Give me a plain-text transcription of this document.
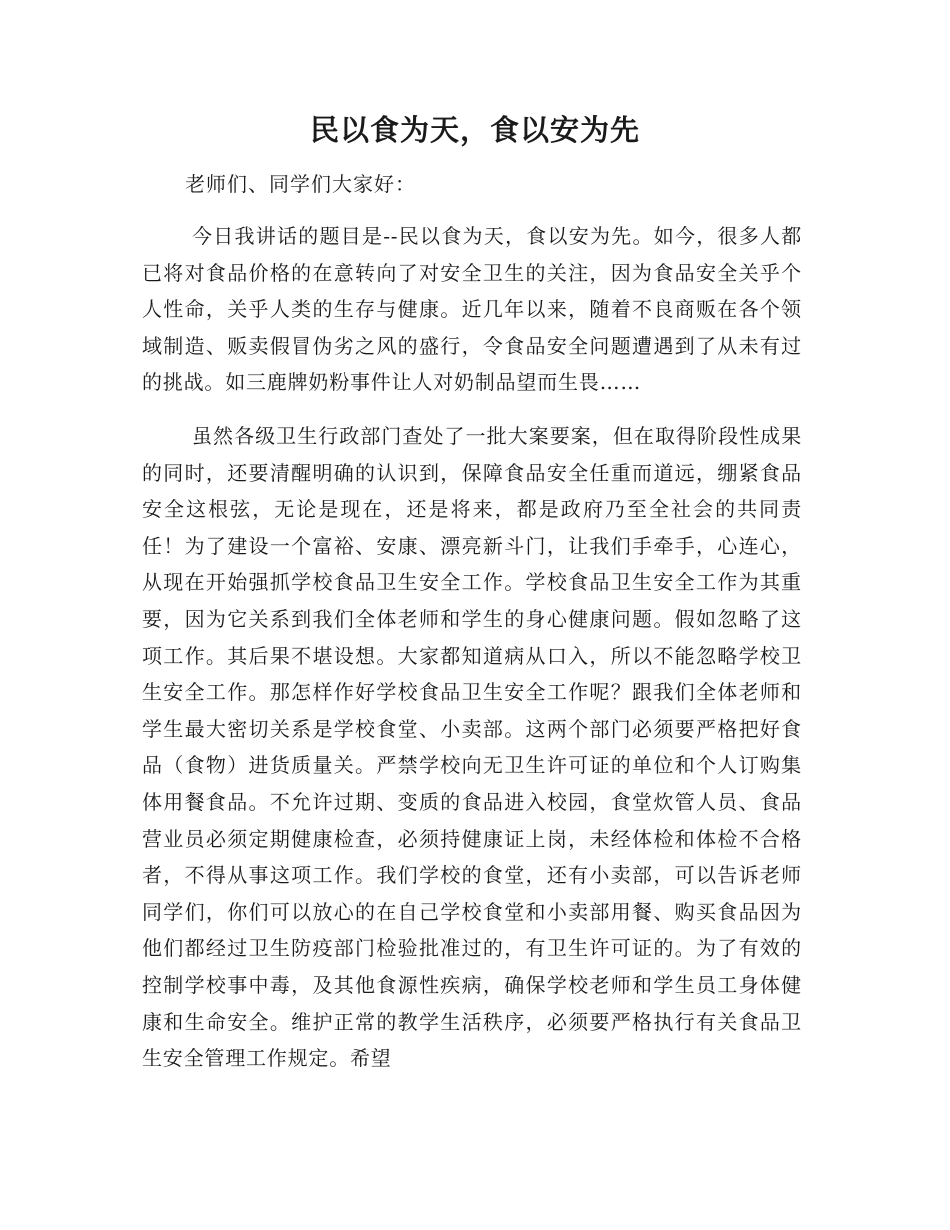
民以食为天，食以安为先

老师们、同学们大家好：

今日我讲话的题目是--民以食为天，食以安为先。如今，很多人都已将对食品价格的在意转向了对安全卫生的关注，因为食品安全关乎个人性命，关乎人类的生存与健康。近几年以来，随着不良商贩在各个领域制造、贩卖假冒伪劣之风的盛行，令食品安全问题遭遇到了从未有过的挑战。如三鹿牌奶粉事件让人对奶制品望而生畏……

虽然各级卫生行政部门查处了一批大案要案，但在取得阶段性成果的同时，还要清醒明确的认识到，保障食品安全任重而道远，绷紧食品安全这根弦，无论是现在，还是将来，都是政府乃至全社会的共同责任！为了建设一个富裕、安康、漂亮新斗门，让我们手牵手，心连心，从现在开始强抓学校食品卫生安全工作。学校食品卫生安全工作为其重要，因为它关系到我们全体老师和学生的身心健康问题。假如忽略了这项工作。其后果不堪设想。大家都知道病从口入，所以不能忽略学校卫生安全工作。那怎样作好学校食品卫生安全工作呢？跟我们全体老师和学生最大密切关系是学校食堂、小卖部。这两个部门必须要严格把好食品（食物）进货质量关。严禁学校向无卫生许可证的单位和个人订购集体用餐食品。不允许过期、变质的食品进入校园，食堂炊管人员、食品营业员必须定期健康检查，必须持健康证上岗，未经体检和体检不合格者，不得从事这项工作。我们学校的食堂，还有小卖部，可以告诉老师同学们，你们可以放心的在自己学校食堂和小卖部用餐、购买食品因为他们都经过卫生防疫部门检验批准过的，有卫生许可证的。为了有效的控制学校事中毒，及其他食源性疾病，确保学校老师和学生员工身体健康和生命安全。维护正常的教学生活秩序，必须要严格执行有关食品卫生安全管理工作规定。希望
